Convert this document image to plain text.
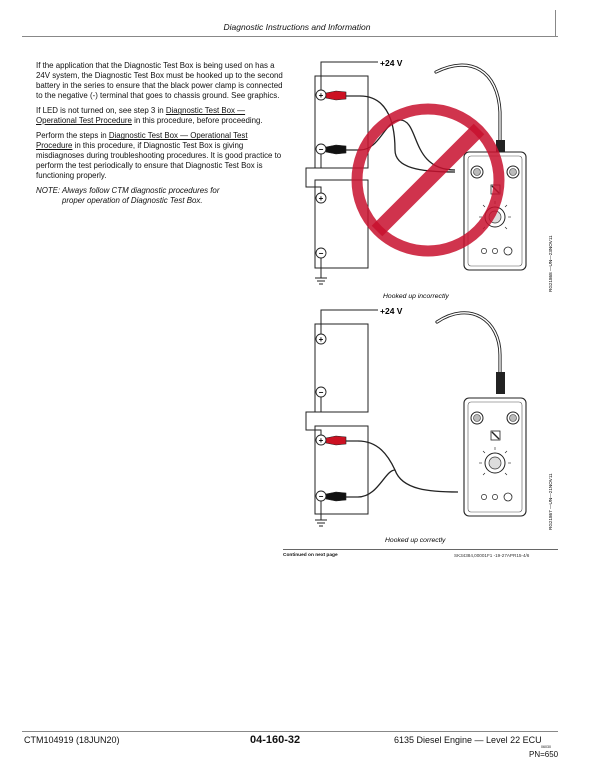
Diagnostic Instructions and Information

If the application that the Diagnostic Test Box is being used on has a 24V system, the Diagnostic Test Box must be hooked up to the second battery in the series to ensure that the black power clamp is connected to the negative (-) terminal that goes to chassis ground. See graphics.

If LED is not turned on, see step 3 in Diagnostic Test Box — Operational Test Procedure in this procedure, before proceeding.

Perform the steps in Diagnostic Test Box — Operational Test Procedure in this procedure, if Diagnostic Test Box is giving misdiagnoses during troubleshooting procedures. It is good practice to perform the test periodically to ensure that Diagnostic Test Box is functioning properly.

NOTE: Always follow CTM diagnostic procedures for
proper operation of Diagnostic Test Box.
+
−
+
−
+24 V
Hooked up incorrectly
RG21868 —UN—23NOV11
+
−
+
−
+24 V
Hooked up correctly
RG21867 —UN—21NOV11
Continued on next page	SK34384,00001F1 -19-27APR15-4/6
CTM104919 (18JUN20)	04-160-32	6135 Diesel Engine — Level 22 ECU
06030
PN=650
